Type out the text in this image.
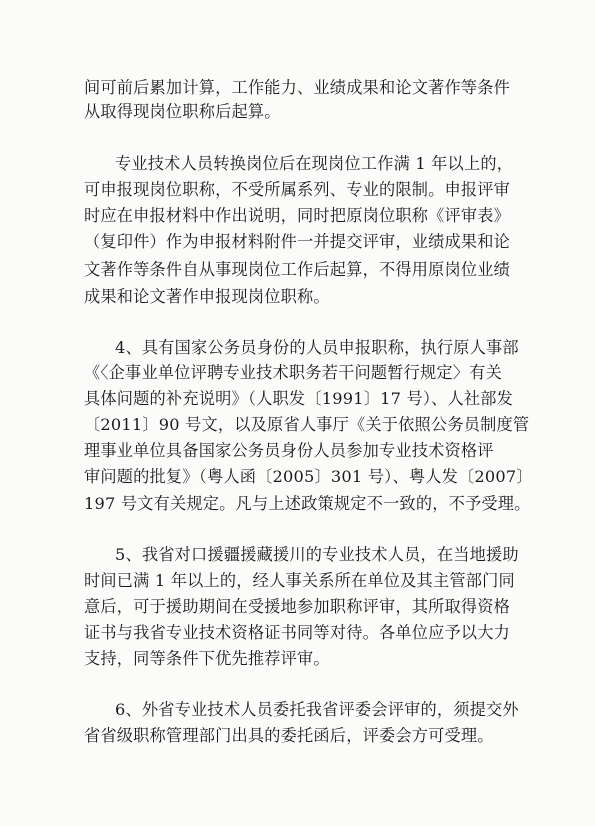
间可前后累加计算，工作能力、业绩成果和论文著作等条件
从取得现岗位职称后起算。
专业技术人员转换岗位后在现岗位工作满 1 年以上的，
可申报现岗位职称，不受所属系列、专业的限制。申报评审
时应在申报材料中作出说明，同时把原岗位职称《评审表》
（复印件）作为申报材料附件一并提交评审，业绩成果和论
文著作等条件自从事现岗位工作后起算，不得用原岗位业绩
成果和论文著作申报现岗位职称。
4、具有国家公务员身份的人员申报职称，执行原人事部
《〈企事业单位评聘专业技术职务若干问题暂行规定〉有关
具体问题的补充说明》（人职发〔1991〕17 号）、人社部发
〔2011〕90 号文，以及原省人事厅《关于依照公务员制度管
理事业单位具备国家公务员身份人员参加专业技术资格评
审问题的批复》（粤人函〔2005〕301 号）、粤人发〔2007〕
197 号文有关规定。凡与上述政策规定不一致的，不予受理。
5、我省对口援疆援藏援川的专业技术人员，在当地援助
时间已满 1 年以上的，经人事关系所在单位及其主管部门同
意后，可于援助期间在受援地参加职称评审，其所取得资格
证书与我省专业技术资格证书同等对待。各单位应予以大力
支持，同等条件下优先推荐评审。
6、外省专业技术人员委托我省评委会评审的，须提交外
省省级职称管理部门出具的委托函后，评委会方可受理。
